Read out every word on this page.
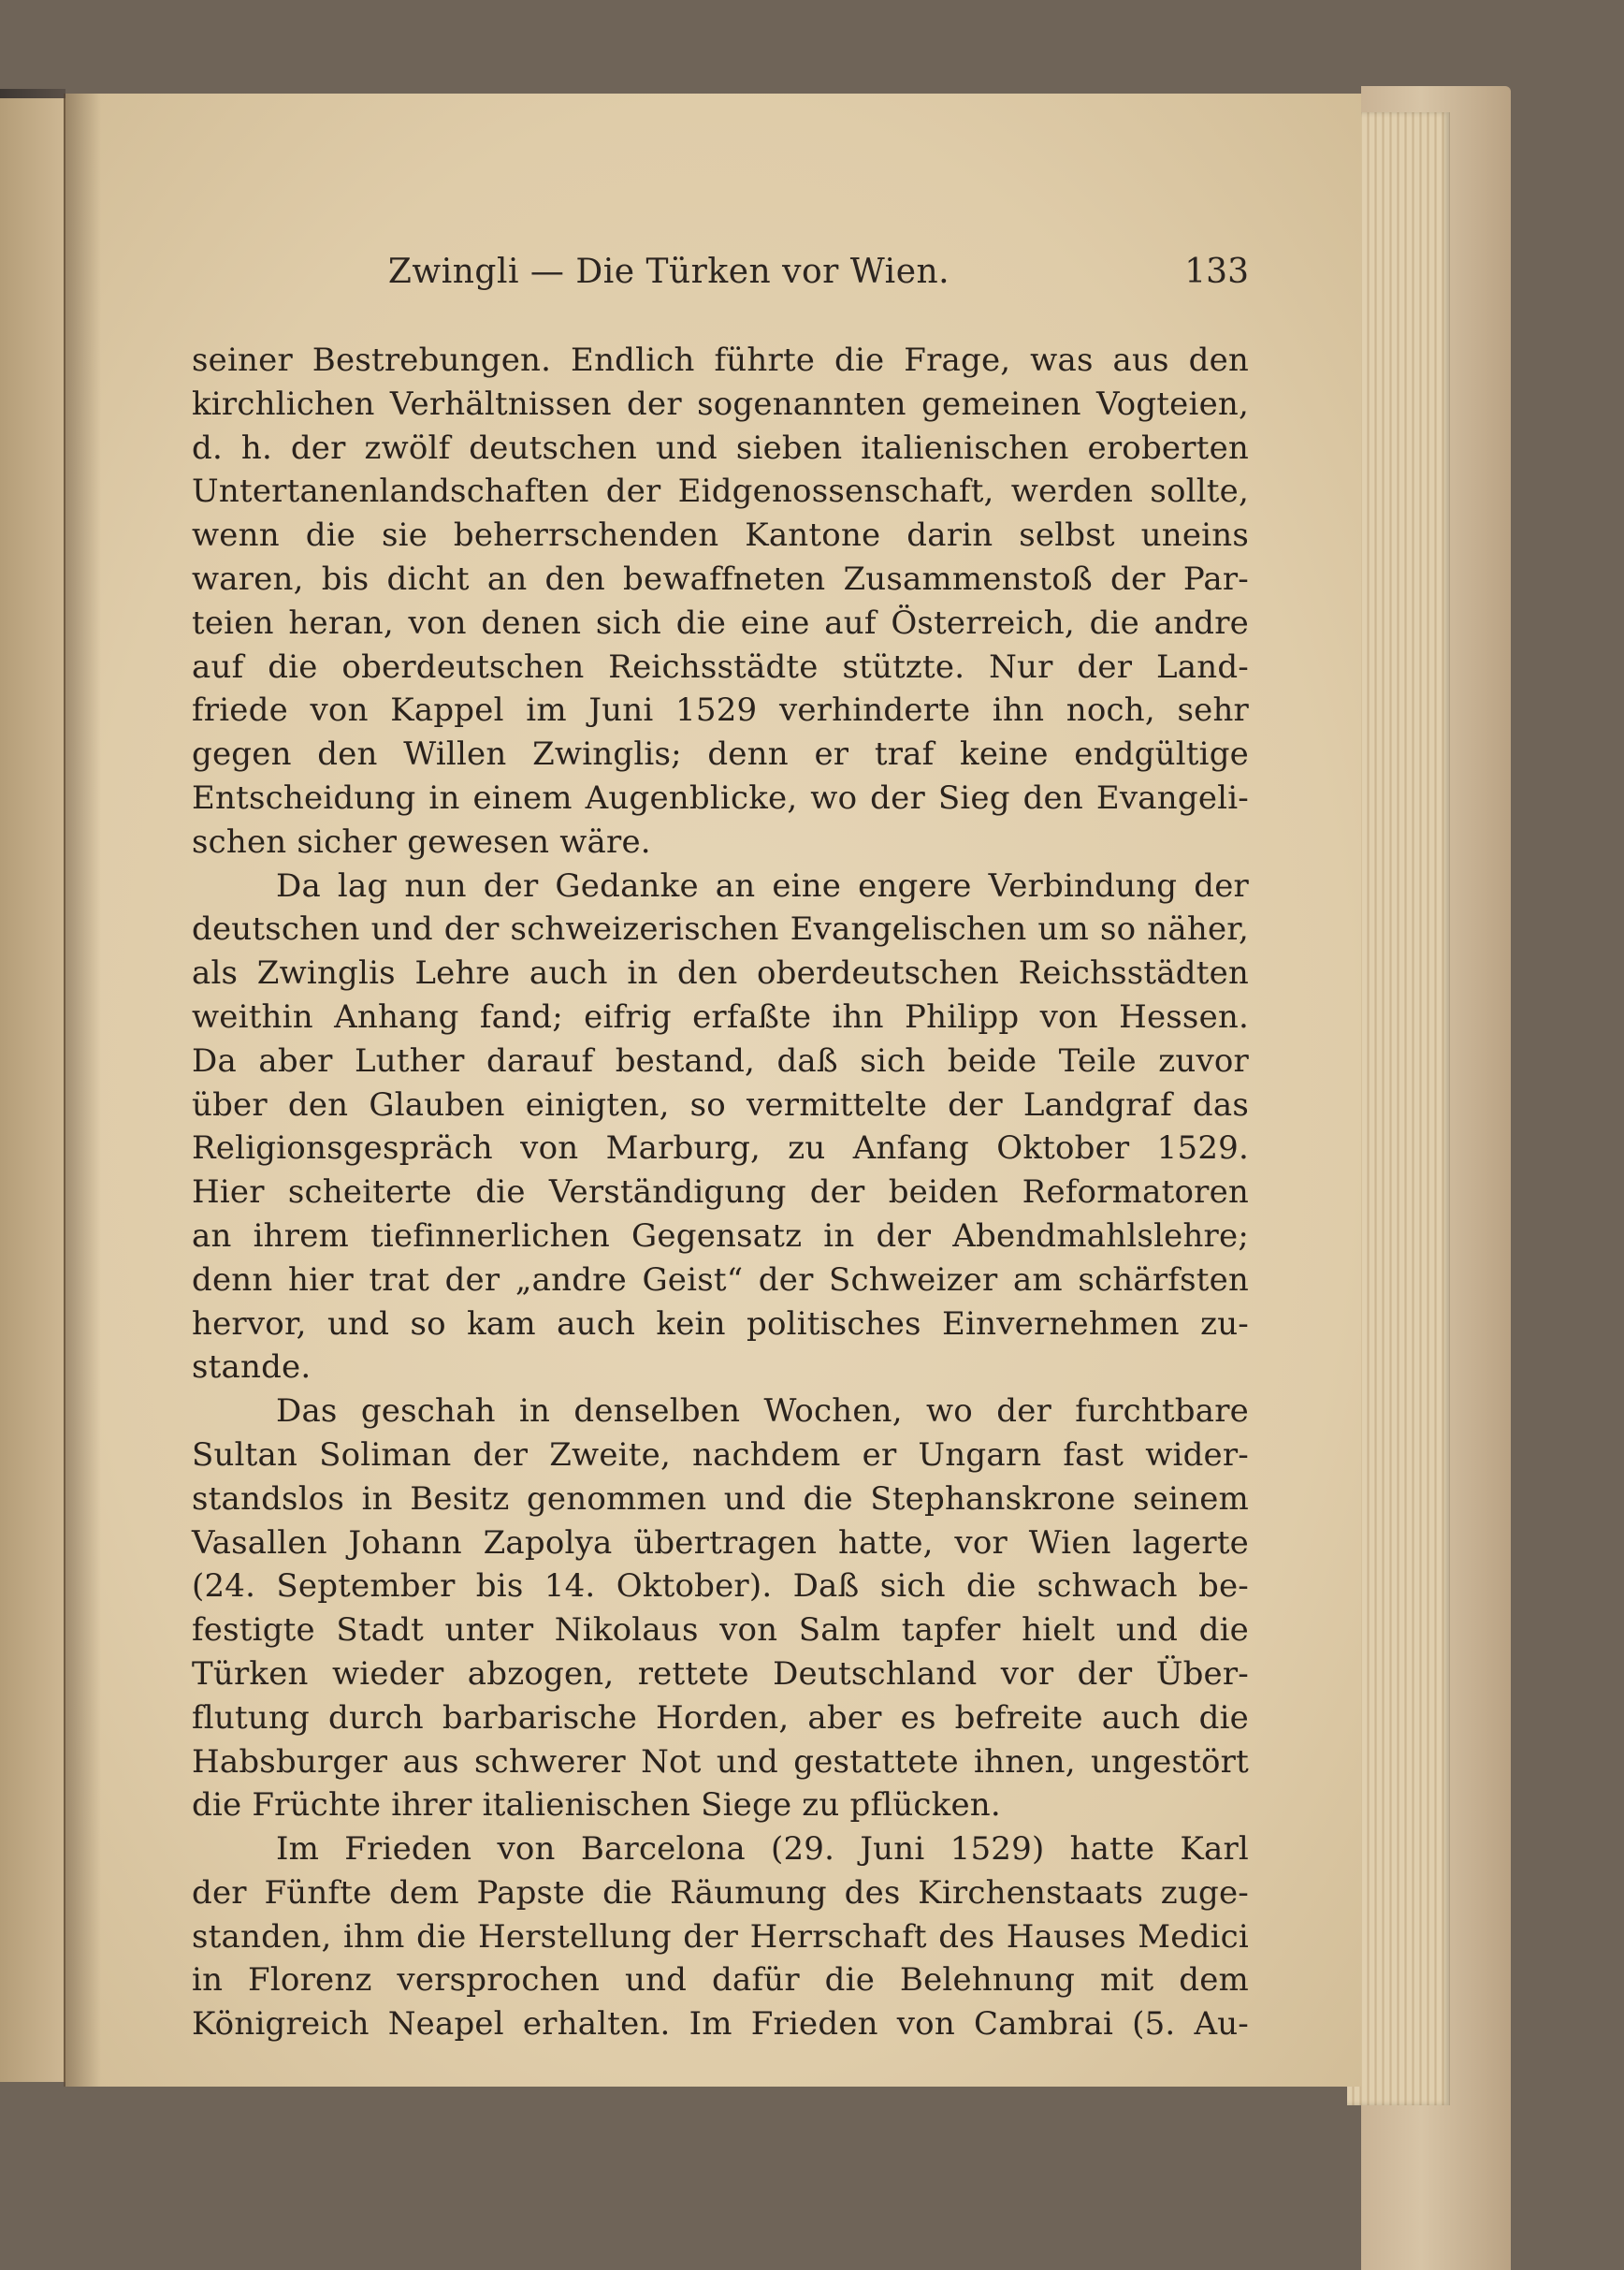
Zwingli — Die Türken vor Wien.	133
seiner Bestrebungen. Endlich führte die Frage, was aus den
kirchlichen Verhältnissen der sogenannten gemeinen Vogteien,
d. h. der zwölf deutschen und sieben italienischen eroberten
Untertanenlandschaften der Eidgenossenschaft, werden sollte,
wenn die sie beherrschenden Kantone darin selbst uneins
waren, bis dicht an den bewaffneten Zusammenstoß der Par-
teien heran, von denen sich die eine auf Österreich, die andre
auf die oberdeutschen Reichsstädte stützte. Nur der Land-
friede von Kappel im Juni 1529 verhinderte ihn noch, sehr
gegen den Willen Zwinglis; denn er traf keine endgültige
Entscheidung in einem Augenblicke, wo der Sieg den Evangeli-
schen sicher gewesen wäre.
Da lag nun der Gedanke an eine engere Verbindung der
deutschen und der schweizerischen Evangelischen um so näher,
als Zwinglis Lehre auch in den oberdeutschen Reichsstädten
weithin Anhang fand; eifrig erfaßte ihn Philipp von Hessen.
Da aber Luther darauf bestand, daß sich beide Teile zuvor
über den Glauben einigten, so vermittelte der Landgraf das
Religionsgespräch von Marburg, zu Anfang Oktober 1529.
Hier scheiterte die Verständigung der beiden Reformatoren
an ihrem tiefinnerlichen Gegensatz in der Abendmahlslehre;
denn hier trat der „andre Geist“ der Schweizer am schärfsten
hervor, und so kam auch kein politisches Einvernehmen zu-
stande.
Das geschah in denselben Wochen, wo der furchtbare
Sultan Soliman der Zweite, nachdem er Ungarn fast wider-
standslos in Besitz genommen und die Stephanskrone seinem
Vasallen Johann Zapolya übertragen hatte, vor Wien lagerte
(24. September bis 14. Oktober). Daß sich die schwach be-
festigte Stadt unter Nikolaus von Salm tapfer hielt und die
Türken wieder abzogen, rettete Deutschland vor der Über-
flutung durch barbarische Horden, aber es befreite auch die
Habsburger aus schwerer Not und gestattete ihnen, ungestört
die Früchte ihrer italienischen Siege zu pflücken.
Im Frieden von Barcelona (29. Juni 1529) hatte Karl
der Fünfte dem Papste die Räumung des Kirchenstaats zuge-
standen, ihm die Herstellung der Herrschaft des Hauses Medici
in Florenz versprochen und dafür die Belehnung mit dem
Königreich Neapel erhalten. Im Frieden von Cambrai (5. Au-
